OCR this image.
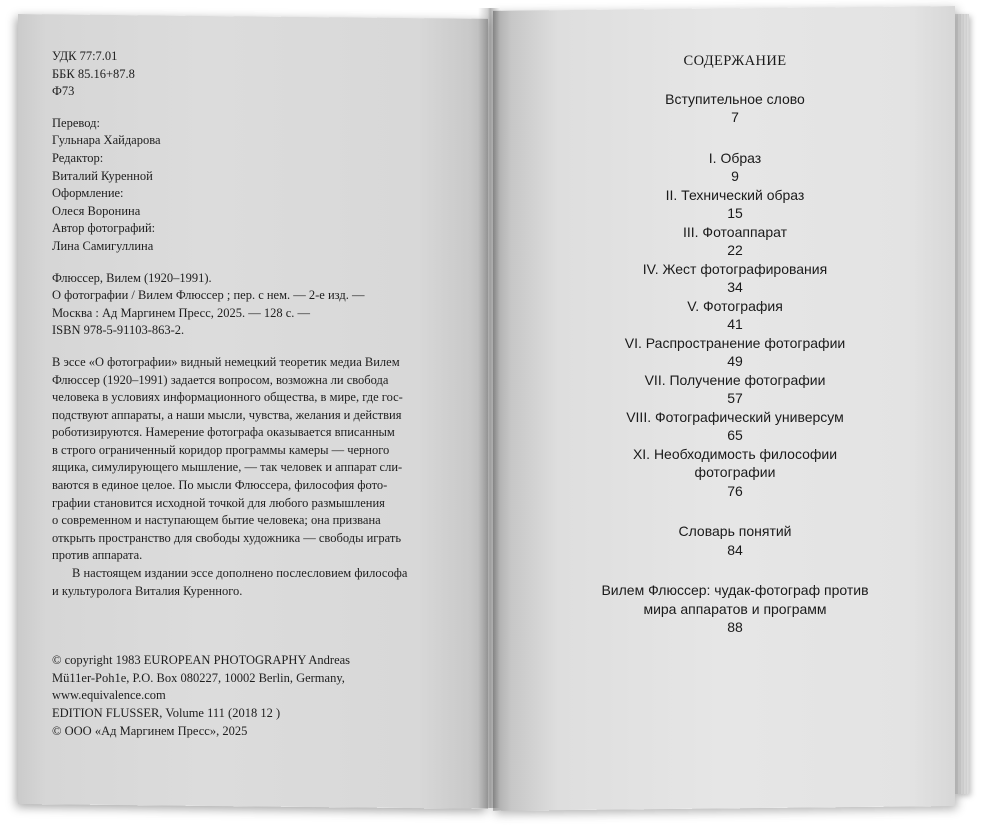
УДК 77:7.01
ББК 85.16+87.8
Ф73
Перевод:
Гульнара Хайдарова
Редактор:
Виталий Куренной
Оформление:
Олеся Воронина
Автор фотографий:
Лина Самигуллина
Флюссер, Вилем (1920–1991).
О фотографии / Вилем Флюссер ; пер. с нем. — 2-е изд. —
Москва : Ад Маргинем Пресс, 2025. — 128 с. —
ISBN 978-5-91103-863-2.
В эссе «О фотографии» видный немецкий теоретик медиа Вилем
Флюссер (1920–1991) задается вопросом, возможна ли свобода
человека в условиях информационного общества, в мире, где гос-
подствуют аппараты, а наши мысли, чувства, желания и действия
роботизируются. Намерение фотографа оказывается вписанным
в строго ограниченный коридор программы камеры — черного
ящика, симулирующего мышление, — так человек и аппарат сли-
ваются в единое целое. По мысли Флюссера, философия фото-
графии становится исходной точкой для любого размышления
о современном и наступающем бытие человека; она призвана
открыть пространство для свободы художника — свободы играть
против аппарата.
В настоящем издании эссе дополнено послесловием философа
и культуролога Виталия Куренного.
© copyright 1983 EUROPEAN PHOTOGRAPHY Andreas
Mü11er-Poh1e, P.O. Box 080227, 10002 Berlin, Germany,
www.equivalence.com
EDITION FLUSSER, Volume 111 (2018 12 )
© ООО «Ад Маргинем Пресс», 2025
СОДЕРЖАНИЕ
Вступительное слово
7
I. Образ
9
II. Технический образ
15
III. Фотоаппарат
22
IV. Жест фотографирования
34
V. Фотография
41
VI. Распространение фотографии
49
VII. Получение фотографии
57
VIII. Фотографический универсум
65
XI. Необходимость философии
фотографии
76
Словарь понятий
84
Вилем Флюссер: чудак-фотограф против
мира аппаратов и программ
88
